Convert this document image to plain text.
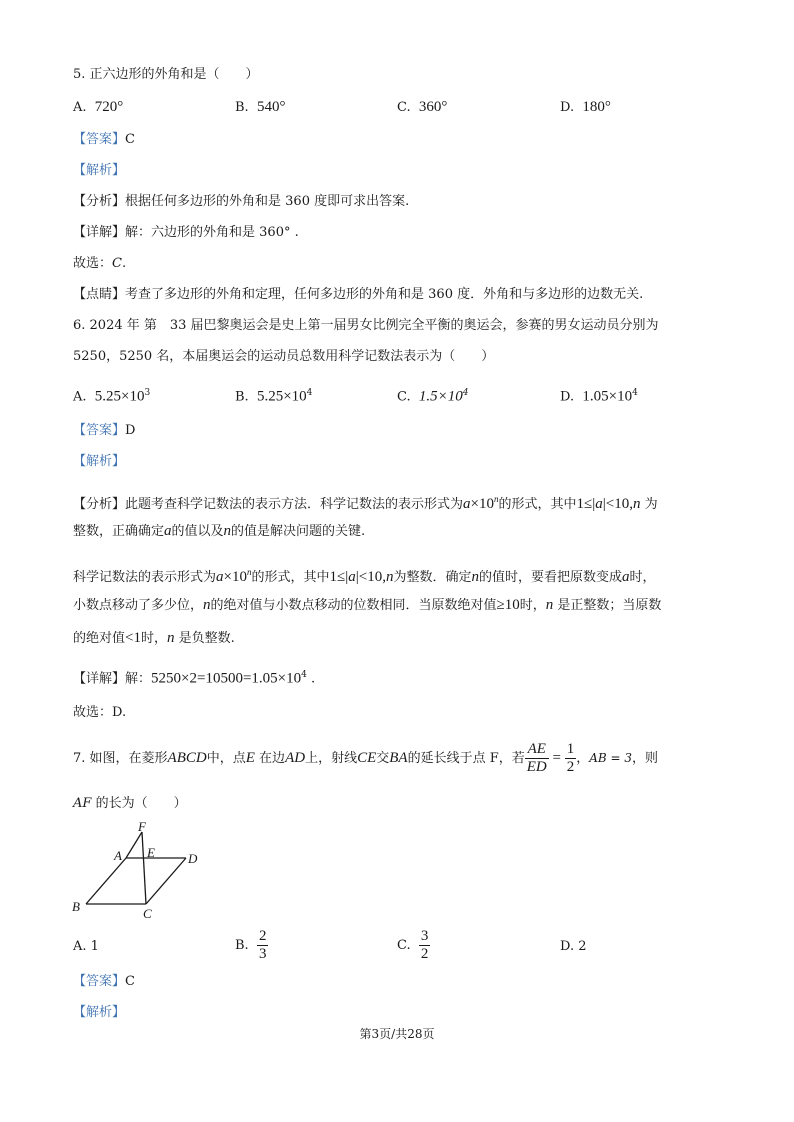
5. 正六边形的外角和是（　　）
A. 720°	B. 540°	C. 360°	D. 180°
【答案】C
【解析】
【分析】根据任何多边形的外角和是 360 度即可求出答案.
【详解】解：六边形的外角和是 360° .
故选：C.
【点睛】考查了多边形的外角和定理，任何多边形的外角和是 360 度．外角和与多边形的边数无关.
6. 2024 年 第　33 届巴黎奥运会是史上第一届男女比例完全平衡的奥运会，参赛的男女运动员分别为
5250，5250 名，本届奥运会的运动员总数用科学记数法表示为（　　）
A. $5.25\times 10^3$	B. $5.25\times 10^4$	C. $1.5\times 10^4$	D. $1.05\times 10^4$
【答案】D
【解析】
【分析】此题考查科学记数法的表示方法．科学记数法的表示形式为$a\times 10^n$的形式，其中1≤|a|<10,n 为
整数，正确确定a的值以及n的值是解决问题的关键.
科学记数法的表示形式为$a\times 10^n$的形式，其中1≤|a|<10,n为整数．确定n的值时，要看把原数变成a时，
小数点移动了多少位，n的绝对值与小数点移动的位数相同．当原数绝对值≥10时，n 是正整数；当原数
的绝对值<1时，n 是负整数.
【详解】解：$5250\times 2=10500=1.05\times 10^4$ .
故选：D.
7. 如图，在菱形ABCD中，点E 在边AD上，射线CE交BA的延长线于点 F，若 $\frac{AE}{ED} = \frac{1}{2}$ ，AB = 3，则
AF 的长为（　　）
F
A E	D
B	C
A. 1	B. $\frac{2}{3}$	C. $\frac{3}{2}$	D. 2
【答案】C
【解析】
第3页/共28页
